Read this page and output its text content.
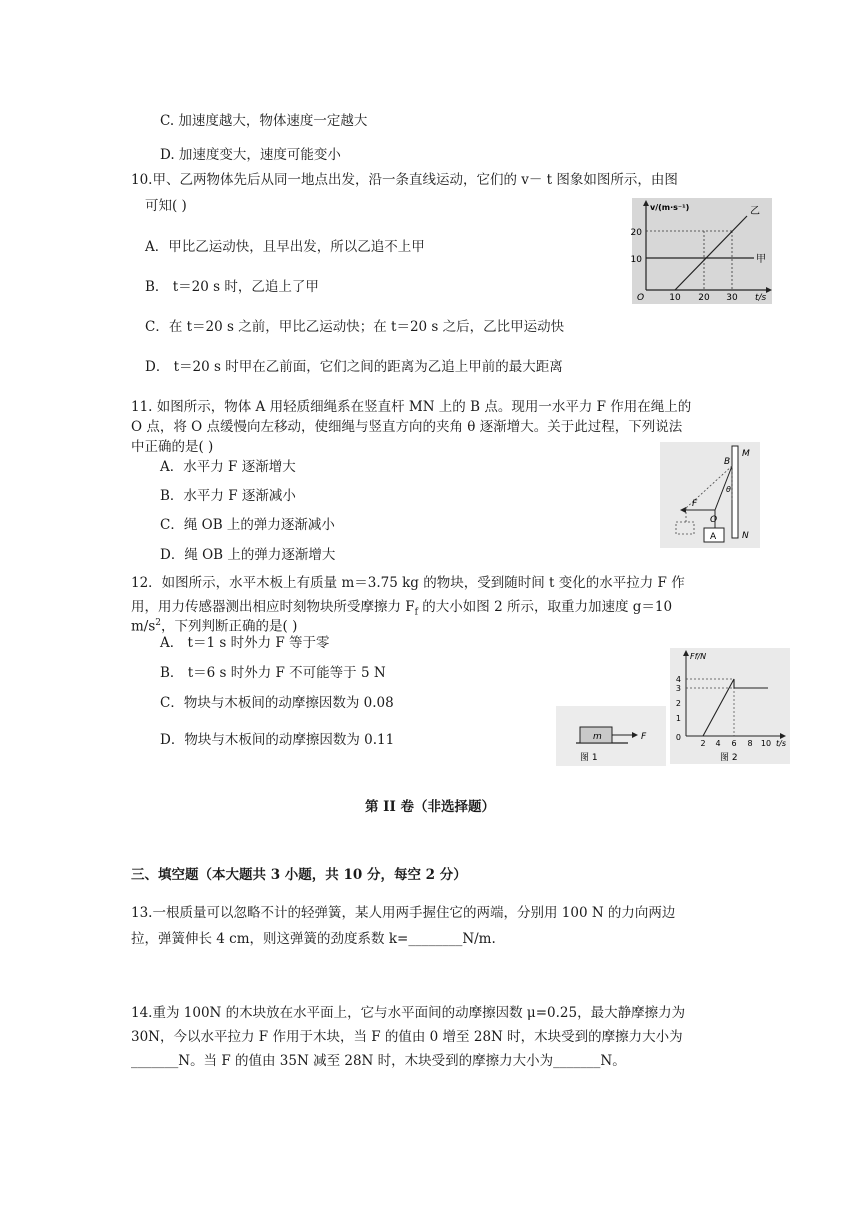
C. 加速度越大，物体速度一定越大
D. 加速度变大，速度可能变小
10.甲、乙两物体先后从同一地点出发，沿一条直线运动，它们的 v－ t 图象如图所示，由图
可知( )
A．甲比乙运动快，且早出发，所以乙追不上甲
B． t＝20 s 时，乙追上了甲
C．在 t＝20 s 之前，甲比乙运动快；在 t＝20 s 之后，乙比甲运动快
D． t＝20 s 时甲在乙前面，它们之间的距离为乙追上甲前的最大距离
v/(m·s⁻¹)	乙
甲
20
10
O	10 20 30 t/s
11. 如图所示，物体 A 用轻质细绳系在竖直杆 MN 上的 B 点。现用一水平力 F 作用在绳上的
O 点，将 O 点缓慢向左移动，使细绳与竖直方向的夹角 θ 逐渐增大。关于此过程，下列说法
中正确的是( )
A．水平力 F 逐渐增大
B．水平力 F 逐渐减小
C．绳 OB 上的弹力逐渐减小
D．绳 OB 上的弹力逐渐增大
M
N
B
θ
F
O
A
12．如图所示，水平木板上有质量 m＝3.75 kg 的物块，受到随时间 t 变化的水平拉力 F 作
用，用力传感器测出相应时刻物块所受摩擦力 $F_f$ 的大小如图 2 所示，取重力加速度 g＝10
$m/s^2$，下列判断正确的是( )
A． t＝1 s 时外力 F 等于零
B． t＝6 s 时外力 F 不可能等于 5 N
C．物块与木板间的动摩擦因数为 0.08
D．物块与木板间的动摩擦因数为 0.11	m	F
图 1
Ff/N
4
3
2
1
0
2 4 6 8 10 t/s
图 2
第 II 卷（非选择题）
三、填空题（本大题共 3 小题，共 10 分，每空 2 分）
13.一根质量可以忽略不计的轻弹簧，某人用两手握住它的两端，分别用 100 N 的力向两边
拉，弹簧伸长 4 cm，则这弹簧的劲度系数 k=________N/m.
14.重为 100N 的木块放在水平面上，它与水平面间的动摩擦因数 μ=0.25，最大静摩擦力为
30N，今以水平拉力 F 作用于木块，当 F 的值由 0 增至 28N 时，木块受到的摩擦力大小为
_______N。当 F 的值由 35N 减至 28N 时，木块受到的摩擦力大小为_______N。
